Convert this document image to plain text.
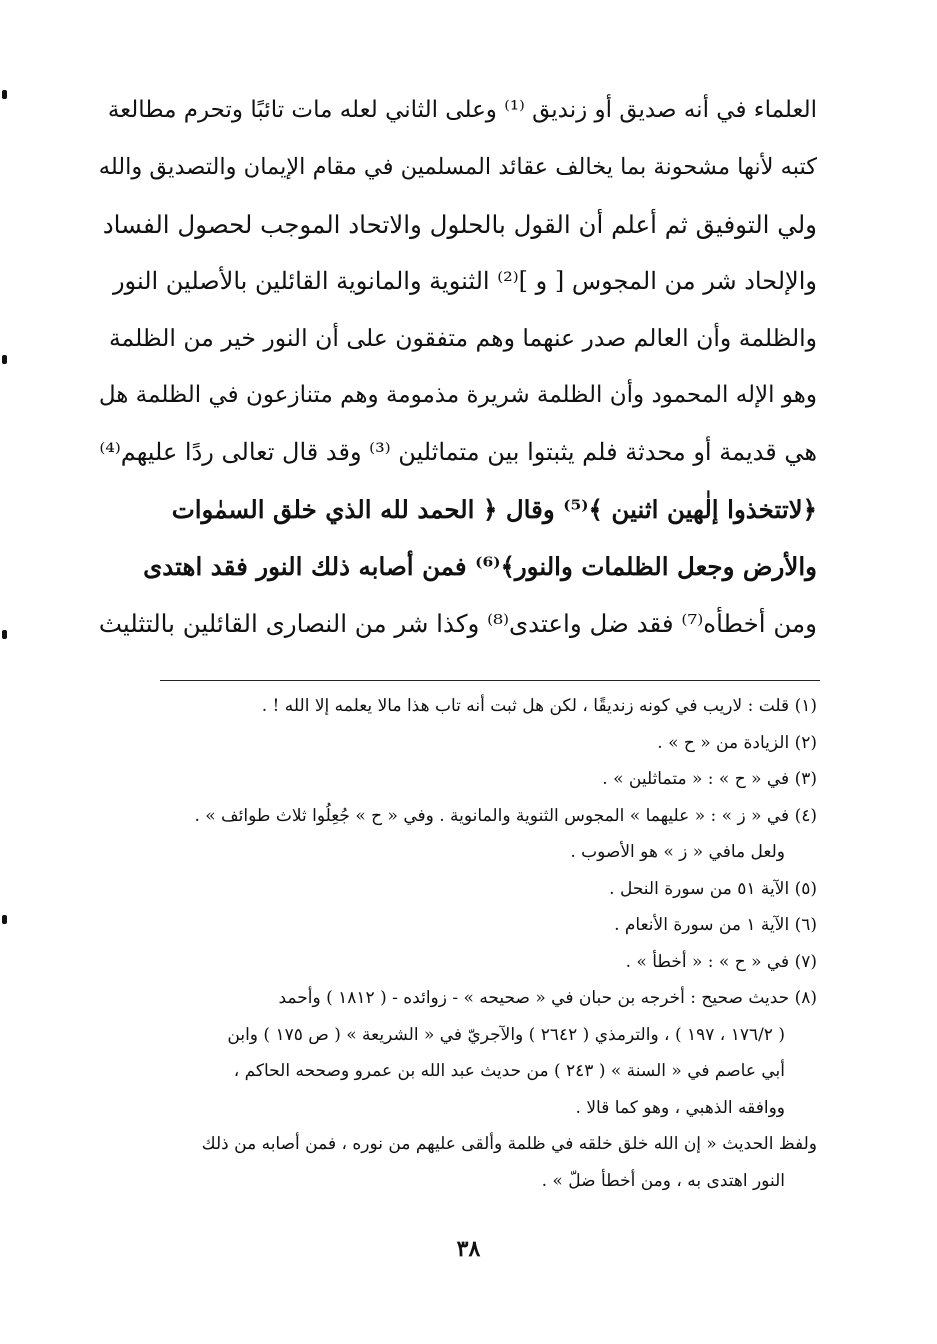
العلماء في أنه صديق أو زنديق ⁽¹⁾ وعلى الثاني لعله مات تائبًا وتحرم مطالعة
كتبه لأنها مشحونة بما يخالف عقائد المسلمين في مقام الإيمان والتصديق والله
ولي التوفيق ثم أعلم أن القول بالحلول والاتحاد الموجب لحصول الفساد
والإلحاد شر من المجوس [ و ]⁽²⁾ الثنوية والمانوية القائلين بالأصلين النور
والظلمة وأن العالم صدر عنهما وهم متفقون على أن النور خير من الظلمة
وهو الإله المحمود وأن الظلمة شريرة مذمومة وهم متنازعون في الظلمة هل
هي قديمة أو محدثة فلم يثبتوا بين متماثلين ⁽³⁾ وقد قال تعالى ردًا عليهم⁽⁴⁾
﴿لاتتخذوا إلٰهين اثنين ﴾⁽⁵⁾ وقال ﴿ الحمد لله الذي خلق السمٰوات
والأرض وجعل الظلمات والنور﴾⁽⁶⁾ فمن أصابه ذلك النور فقد اهتدى
ومن أخطأه⁽⁷⁾ فقد ضل واعتدى⁽⁸⁾ وكذا شر من النصارى القائلين بالتثليث
(١) قلت : لاريب في كونه زنديقًا ، لكن هل ثبت أنه تاب هذا مالا يعلمه إلا الله ! .
(٢) الزيادة من « ح » .
(٣) في « ح » : « متماثلين » .
(٤) في « ز » : « عليهما » المجوس الثنوية والمانوية . وفي « ح » جُعِلُوا ثلاث طوائف » .
ولعل مافي « ز » هو الأصوب .
(٥) الآية ٥١ من سورة النحل .
(٦) الآية ١ من سورة الأنعام .
(٧) في « ح » : « أخطأ » .
(٨) حديث صحيح : أخرجه بن حبان في « صحيحه » - زوائده - ( ١٨١٢ ) وأحمد
( ١٧٦/٢ ، ١٩٧ ) ، والترمذي ( ٢٦٤٢ ) والآجريّ في « الشريعة » ( ص ١٧٥ ) وابن
أبي عاصم في « السنة » ( ٢٤٣ ) من حديث عبد الله بن عمرو وصححه الحاكم ،
ووافقه الذهبي ، وهو كما قالا .
ولفظ الحديث « إن الله خلق خلقه في ظلمة وألقى عليهم من نوره ، فمن أصابه من ذلك
النور اهتدى به ، ومن أخطأ ضلّ » .
٣٨
